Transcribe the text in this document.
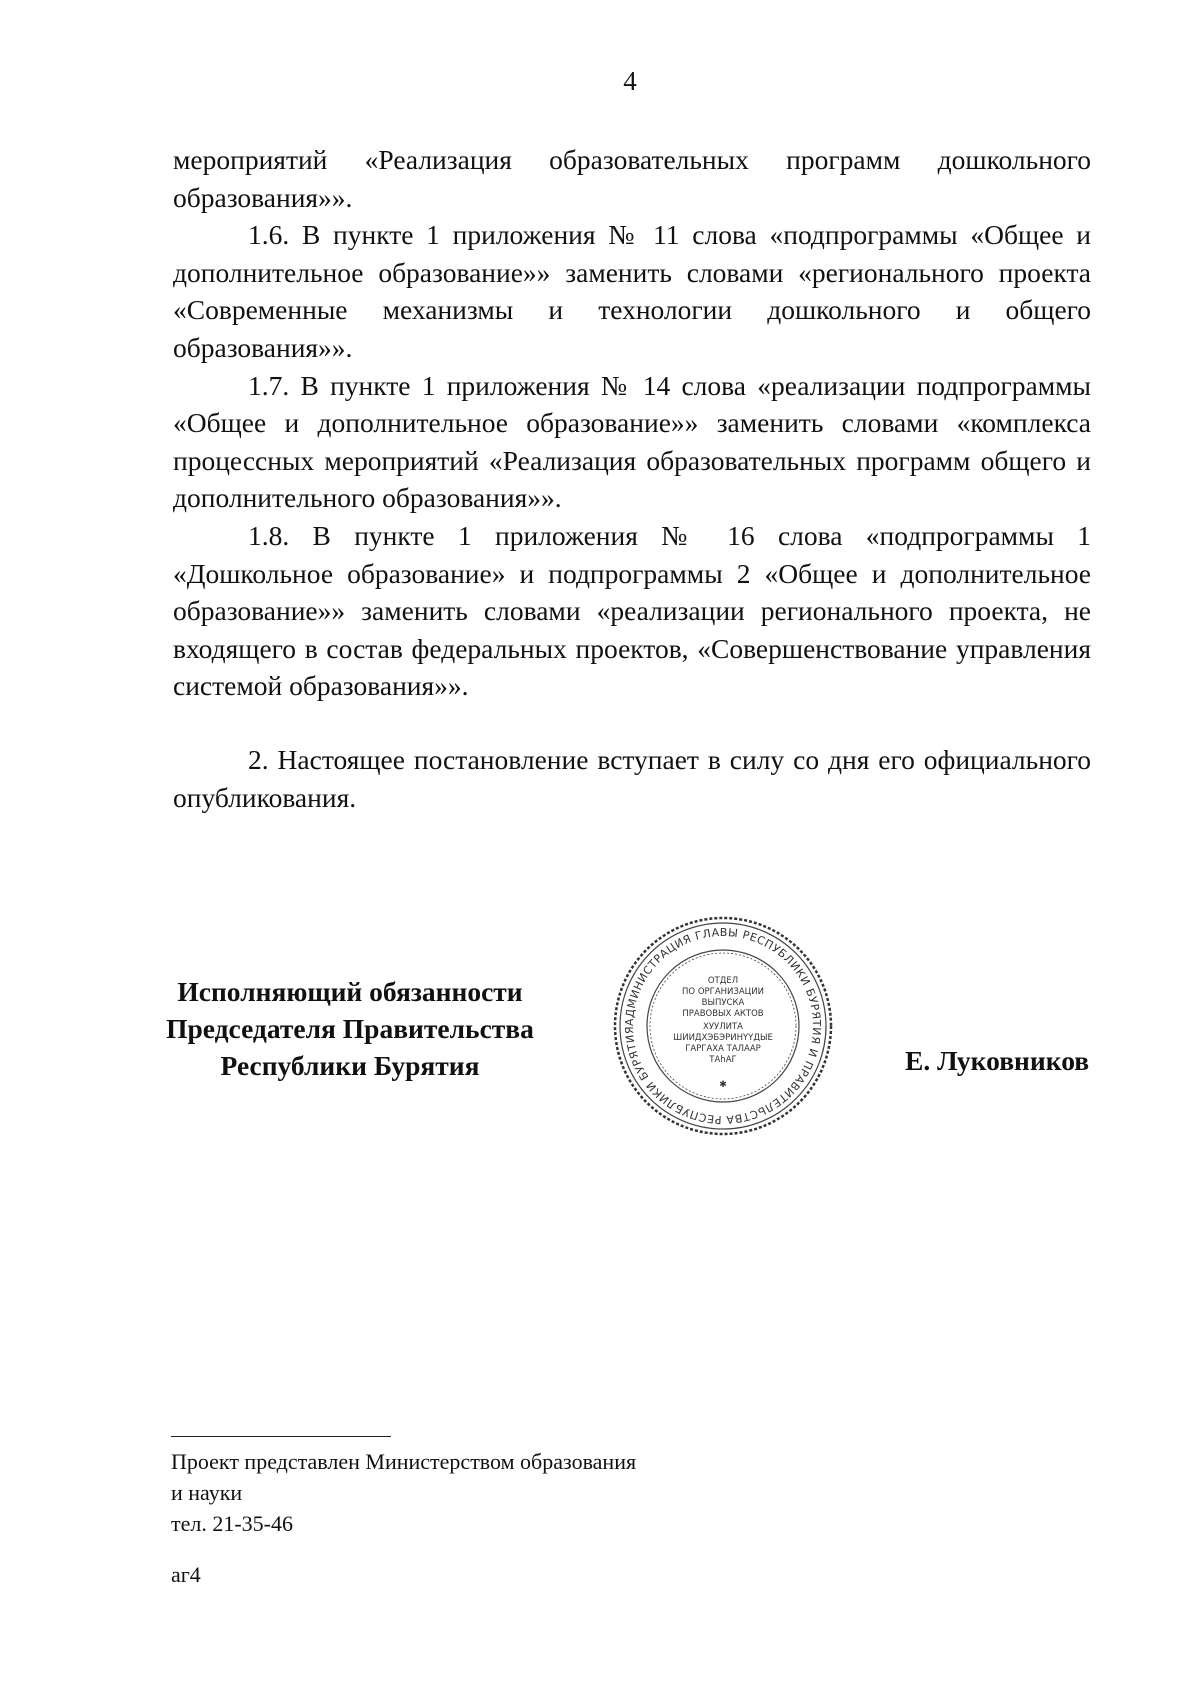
4

мероприятий «Реализация образовательных программ дошкольного образования»».

1.6. В пункте 1 приложения № 11 слова «подпрограммы «Общее и дополнительное образование»» заменить словами «регионального проекта «Современные механизмы и технологии дошкольного и общего образования»».

1.7. В пункте 1 приложения № 14 слова «реализации подпрограммы «Общее и дополнительное образование»» заменить словами «комплекса процессных мероприятий «Реализация образовательных программ общего и дополнительного образования»».

1.8. В пункте 1 приложения № 16 слова «подпрограммы 1 «Дошкольное образование» и подпрограммы 2 «Общее и дополнительное образование»» заменить словами «реализации регионального проекта, не входящего в состав федеральных проектов, «Совершенствование управления системой образования»».

2. Настоящее постановление вступает в силу со дня его официального опубликования.

Исполняющий обязанности
Председателя Правительства
Республики Бурятия
АДМИНИСТРАЦИЯ ГЛАВЫ РЕСПУБЛИКИ БУРЯТИЯ И ПРАВИТЕЛЬСТВА РЕСПУБЛИКИ БУРЯТИЯ
ОТДЕЛ
ПО ОРГАНИЗАЦИИ
ВЫПУСКА
ПРАВОВЫХ АКТОВ
ХУУЛИТА
ШИИДХЭБЭРИНҮҮДЫЕ
ГАРГАХА ТАЛААР
ТАhАГ
✱
Е. Луковников
Проект представлен Министерством образования
и науки
тел. 21-35-46
аг4
